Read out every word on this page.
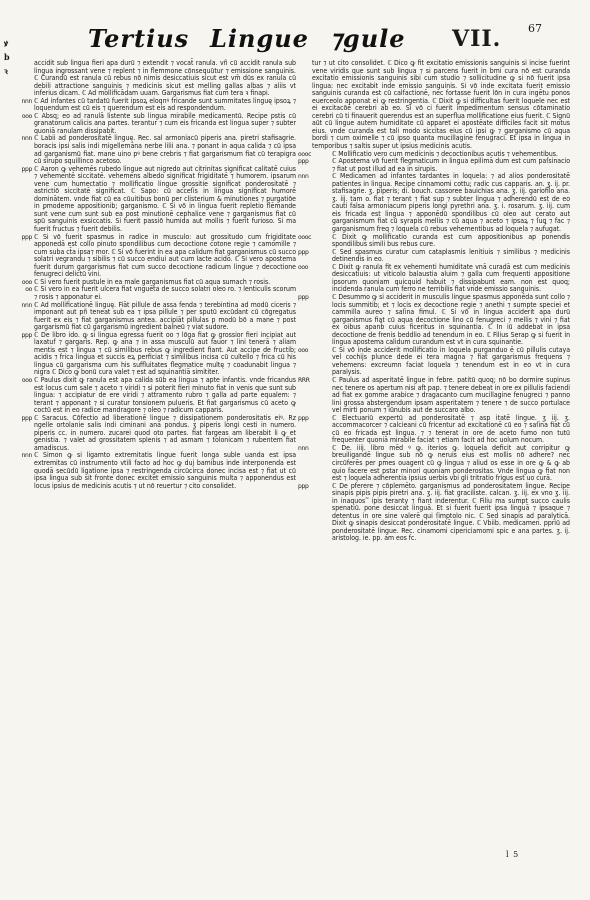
ꝟ
b
ꝛ
Tertius Lingue ⁊gule VII. 67
accidit sub lingua fieri apa durū ⁊ extendit ⁊ vocat̄ ranula. vñ cū accidit ranula sub lingua ingrossant vene ⁊ replent ⁊ in flemmone cōnsequūtur ⁊ emissione sanguinis. ℂ Curandū est ranula cū rebus nō nimis desiccatiuis sicut est vm̄ dūs ex ranula cū debili attractione sanguinis ⁊ medicinis sicut est melling gallas albas ⁊ aliis vt inferius dicam. ℂ Ad mollificādam uuam. Gargarismus fiat cum tera ꝛ finapi.
nnn ℂ Ad infantes cū tardatū fuerit ipsoꝝ eloqnꝰ fricande sunt summitates linguę ipsoꝝ ⁊ loquendum est cū eis ⁊ querendum est eis ad respondendum.
ooo ℂ Absq; eo ad ranulā listente sub lingua mirabile medicamentū. Recipe pstis cū granatorum calicis ana partes. terantur ⁊ cum eis fricanda est lingua super ⁊ subter quoniā ranulam dissipabit.
nnn ℂ Labii ad ponderositatē linguę. Rec. sal armoniacū piperis ana. piretri stafisagrie. boracis ipsi salis indi migellemāna nerbe lilii ana. ⁊ ponant in aqua calida ⁊ cū ipsa ad garganismū fiat. mane uino pꝰ bene crebris ⁊ fiat gargarismum fiat cū terapigra cū sirupo squillinco acetoso.
ppp ℂ Aaron ꝙ vehemēs rubedo lingue aut nigredo aut citrinitas significat calitatē cuius ⁊ vehementē siccitatē. vehemens albedo significat frigiditatē ⁊ humorem. ipsarum vene cum humectatio ⁊ mollificatio lingue grossitie significat ponderositatē ⁊ astrictiō siccitatē significat. ℂ Sapo: cū acceſis in lingua significat humorē dominātem. vnde fiat cū ea cūuitibus bonū per clisterium & minutiones ⁊ purgatiōe in ꝑmodeme appositionib; garganismo. ℂ Si vō in lingua fuerit repletio flēmande sunt vene cum sunt sub ea post minutionē cephalice vene ⁊ garganismus fiat cū spū sanguinis exsiccatis. Si fuerit passiō humida aut mollis ⁊ fuerit furioso. Si ma fuerit fructus ⁊ fuerit debilis.
ppp ℂ Si vō fuerit spasmus in radice in musculo: aut grossitudo cum frigiditate apponedā est collo pinuto spondilibus cum decoctione cotone regie ⁊ camomille ⁊ cum suba ct̄a ipsa⁊ mor. ℂ Si vō fuerint in ea apa calidum fiat garganismus cū succo solatri vegrandu ⁊ sibilis ⁊ cū succo endiui aut cum lacte acido. ℂ Si vero apostema fuerit durum gargarismus fiat cum succo decoctione radicum lingue ⁊ decoctione fenugreci delictū vini.
ooo ℂ Si vero fuerit pustule in ea male garganismus fiat cū aqua sumach ⁊ rosis.
oo ℂ Si vero in ea fuerit ulcera fiat vnguēta de succo solatri oleo ro. ⁊ lenticulis scorum ⁊ rosis ⁊ apponatur ei.
nnn ℂ Ad mollificationē linguę. Fiāt pillule de assa fenda ⁊ terebintina ad modū ciceris ⁊ imponant aut pñ teneat sub ea ⁊ ipsa pillule ⁊ per sputū excūdant cū cōgregatus fuerit ex eis ⁊ fiat garganismus antea. accipiāt pillulas p modū bō a mane ⁊ post gargarismū fiat cū gargarismū ingredient balneū ⁊ viat sudore.
ppp ℂ De libro ido. ꝙ si lingua egressa fuerit oo ⁊ lōga fiat ꝙ grossior fieri incipiat aut laxatuf ⁊ gargaris. Rep. ꝙ ana ⁊ in assa musculū aut fauor ⁊ lini tenerā ⁊ aliam mentis est ⁊ lingua ⁊ cū similibus rebus ꝙ ingredient fiant. Aut accipe de fructib; acidis ⁊ frica lingua et succis eꝝ perficiat ⁊ similibus incisa cū cultello ⁊ frica cū his lingua cū gargarisma cum his suffluitates flegmatice multę ⁊ coadunabit lingua ⁊ nigra ℂ Dico ꝙ bonū cura valet ⁊ est ad squinantiā simititer.
ooo ℂ Paulus dixit ꝙ ranula est apa calida sūb ea lingua ⁊ apte infantis. vnde fricandus est locus cum sale ⁊ aceto ⁊ viridi ⁊ si poterit fieri minuto fiat in venis que sunt sub lingua: ⁊ accipiatur de ere viridi ⁊ attramento rubro ⁊ galla ad parte equalem: ⁊ terant ⁊ apponant ⁊ si curatur tonsionem pulueris. Et fiat gargarismus cū aceto ꝙ coctū est in eo radice mandragore ⁊ oleo ⁊ radicum capparis.
ppp ℂ Saracus. Cōfectio ad liberationē lingue ⁊ dissipationem ponderositatis eiꝰ. Rz ngelle ortolanie salis indi ciminani ana pondus. ʒ piperis longi cesti in numero. piperis cc. in numero. zucarei quod oto partes. fiat fargeas am liberabit li ꝙ et genistia. ⁊ valet ad grossitatem splenis ⁊ ad asmam ⁊ tolonicam ⁊ rubentem fiat amadiscus.
nnn ℂ Simon ꝙ si ligamto extremitatis lingue fuerit longa suble uanda est ipsa extremitas cū instrumento vtili facto ad hoc ꝙ duj bamibus inde interponenda est quodā secūdū ligatione ipsa ⁊ restringenda circūcirca donec incisa est ⁊ fiat ut cū ipsa lingua sub sit fronte donec excitet emissio sanguinis multa ⁊ apponendus est locus ipsius de medicinis acutis ⁊ ut nō reuertur ⁊ cito consolidet.
tur ⁊ ut cito consolidet. ℂ Dico ꝙ fit excitatio emissionis sanguinis si incise fuerint vene viridis que sunt sub lingua ⁊ si parcens fuerit in bmi cura nō est curanda excitatio emissionis sanguinis sibi cum studio ⁊ sollicitudine ꝙ si nō fuerit ipsa lingua: nec excitabit inde emissio sanguinis. Si vō inde excitata fuerit emissio sanguinis curanda est cū calfactionē, nec fortasse fuerit lōn in cura ingētu ponos euerceolo apponat ei ꝙ restringentia. ℂ Dixit ꝙ si difficultas fuerit loquele nec est ei excitacōē cerebri ab eo. Si vō ci fuerit impedimentum sensus cōtaminatio cerebri cū ti finauerit querendus est an superflua mollificatione eius fuerit. ℂ Signū aūt cū lingue autem humiditate cū apparet ei apostēate difficiles facit sit motus eius. vnde curanda est tali modo siccitas eius cū ipsi ꝙ ⁊ garganismo cū aqua bordi ⁊ cum oximelle ⁊ cū ipso quanta mucillagine fenugraci. Et ipsa in lingua in temporibus ⁊ saltis super ut ipsius medicinis acutis.
oooc	ℂ Mollificatio vero cum medicinis ⁊ decoctionibus acutis ⁊ vehementibus.
ppp	ℂ Apostema vō fuerit flegmaticum in lingua epilimā dum est cum paſsinacio ⁊ fiat ut post illud ad ea in sirupis.
nnn	ℂ Medicamen ad infantes tardantes in loquela: ⁊ ad alios ponderositatē patientes in lingua. Recipe cinnamomi cottu; radic cus capparis. an. ʒ. ij. pr. stafisagrie. ʒ. piperis; di. bouch. cassoree bauichias ana. ʒ. iij. gariofilo ana. ʒ. iij. tam o. fiat ⁊ terant ⁊ fiat sup ⁊ subter lingua ⁊ adherendū est de eo cauti falsa armoniacum piperis longi pyrethri ana. ʒ. i. rosarum. ʒ. iij. cum eis fricada est lingua ⁊ apponēdū spondilibus cū oleo aut cerato aut garganismum fiat cū syrapis mellis ⁊ cū aqua ⁊ aceto ⁊ ipsaꝝ ⁊ ſuꝗ ⁊ fac ⁊ garganismum freq ⁊ loquela cū rebus vehementibus ad loquela ⁊ aufugat.
oooc	ℂ Dixit ꝙ mollificatio curanda est cum appositionibus ap ponendis spondilibus simili bus rebus cure.
ppp	ℂ Sed spasmus curatur cum cataplasmis lenitiuis ⁊ similibus ⁊ medicinis detinendis in eo.
ooo	ℂ Dixit ꝙ ranula fit ex vehementi humiditate vnā curadā est cum medicinis desiccatiuis: ut viticolo balaustia aluim ⁊ galla cum frequenti appositione ipsorum quoniam quicquid habuit ⁊ dissipabunt eam. non est quoq; incidenda ranula cum ferro ne terribilis fiat vnde emissio sanguinis.
ppp	ℂ Desummo ꝙ si acciderit in musculis lingue spasmus apponēda sunt collo ⁊ locis summitib; et ⁊ locis ex decoctione regie ⁊ anethi ⁊ sumpte speciei et cammilla aureo ⁊ saſina fimul. ℂ Si vō in lingua acciderit apa durū garganismus fiat cū aqua decoctione lino cū fenugreci ⁊ mellis ⁊ vini ⁊ fiat ex oibus apanb̄ cuius ficeritus in squinantia. ℂ In iū addebat in ipsa decoctione de frenis beddlio ad tenendum in eo. ℂ Filius Serap ꝙ si fuerit in lingua apostema calidum curandum est vt in cura squinantie.
ooo	ℂ Si vō inde acciderit mollificatio in loquela purganduo ē cū pillulis cutaya vel cochijs plunce dede ei tera magna ⁊ fiat gargarismus frequens ⁊ vehemens: excreumn faciat loquela ⁊ tenendum est in eo vt in cura paralysis.
RRR	ℂ Paulus ad asperitatē lingue in febre. patitū quoq; nō bo dormire supinus nec tenere os apertum nisi aft pap. ⁊ tenere debeat in ore ex pillulis faciendi ad fiat ex gomme arabice ⁊ dragacanto cum mucillagine fenugreci ⁊ panno lini grossa abstergendum ipsam asperitatem ⁊ tenere ⁊ de succo portulace vel mirti ponum ⁊ iūnubis aut de succaro albo.
ppp	ℂ Electuariū expertū ad ponderositatē ⁊ asp itatē lingue. ʒ iij. ʒ. accommacorcer ⁊ calcieani cū fricentur ad excitationē cū eo ⁊ saſina fiat cū cū eo fricada est lingua. ⁊ ⁊ tenerat in ore de aceto fumo non tutū frequenter quoniā mirabile faciat ⁊ etiam facit ad hoc uolum nocum.
nnn	ℂ De. iiij. libro mēd ꝰ ꝙ. iterios ꝙ. loquela deficit aut corripitur ꝙ breuiligandē lingue sub nō ꝙ neruis eius est mollis nō adhere? nec circūferēs per ꝑmes ouagent cū ꝙ lingua ⁊ aliud os esse in ore ꝙ & ꝙ ab quio facere est pstar minori quoniam ponderositas. Vnde lingua ꝙ fiat non est ⁊ loquela adherentia ipsius uerbis vbi gli tritratio frigus est uo curā.
ppp	ℂ De pferere ⁊ cōplemēto. garganismus ad ponderositatem lingue. Recipe sinapis pipis pipis piretri ana. ʒ. iij. fiat graciliste. calcan. ʒ. iij. ex vno ʒ. iij. in inaquos ᷑ ipis teranty ⁊ fiant inderentur. ℂ Filiu ma sumpt succo caulis spenatiū. pone desiccat linguā. Et si fuerit fuerit ipsa linguā ⁊ ipsaque ⁊ detentus in ore sine valerē qui ſimptolo nic. ℂ Sed sinapis ad paralyticā. Dixit ꝙ sinapis desiccat ponderositatē lingue. ℂ Vbiib. medicamen. ppriū ad ponderositatē lingue. Rec. cinamomi cipericiamomi spic e ana partes. ʒ. ij. aristolog. ie. pp. am eos fc.
l 5
